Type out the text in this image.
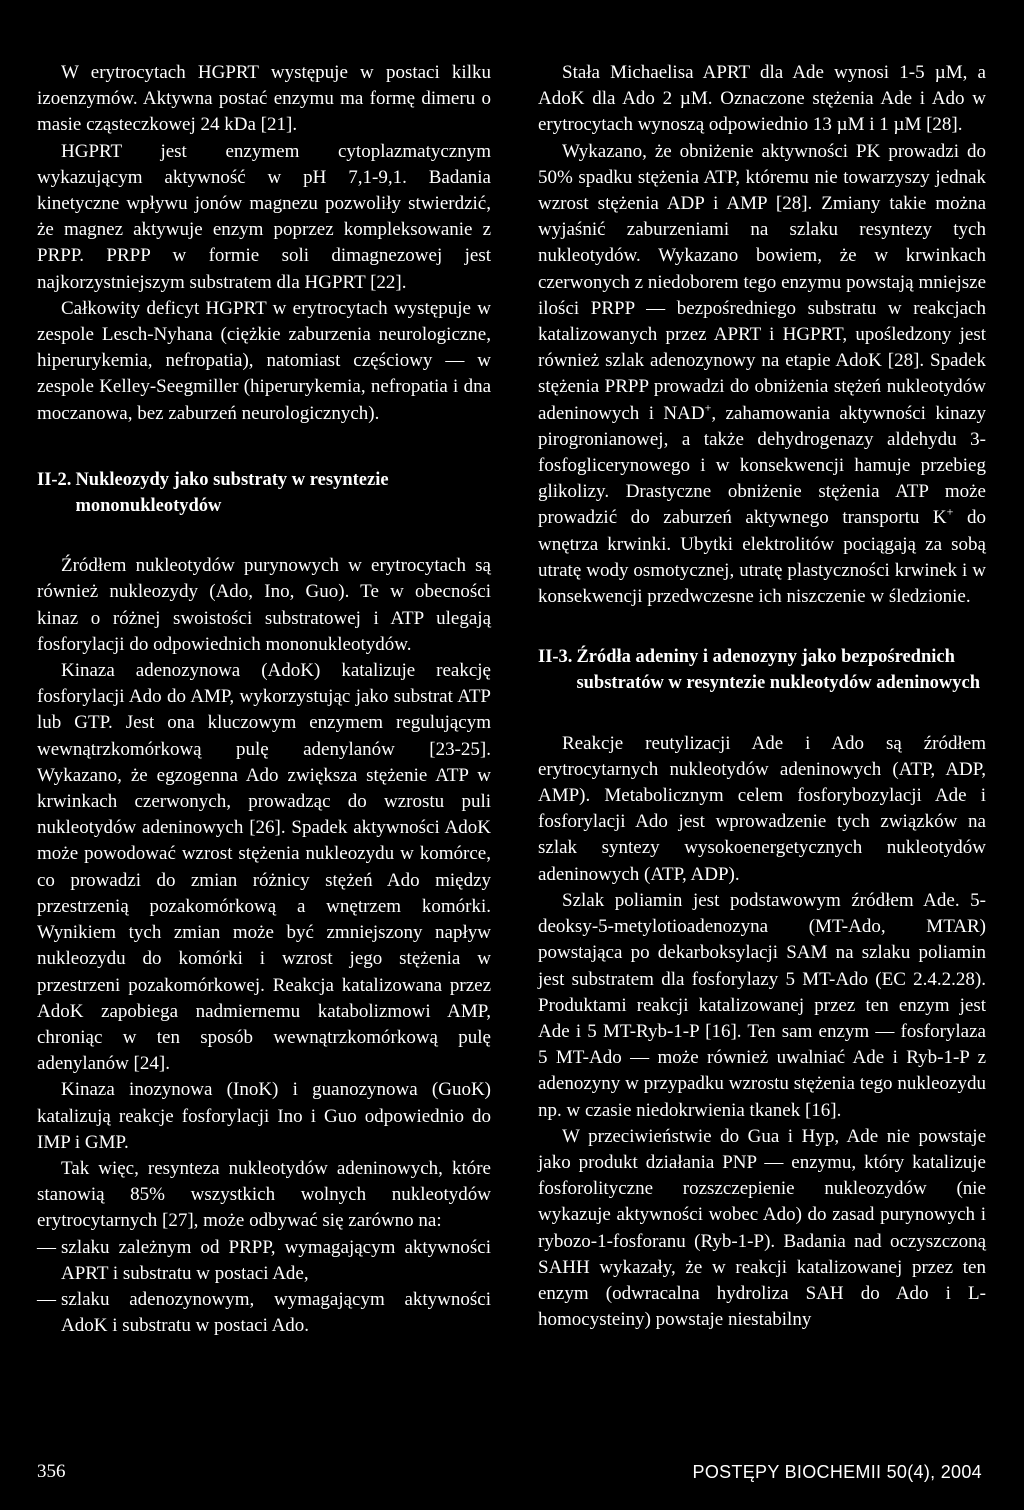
W erytrocytach HGPRT występuje w postaci kilku izoenzymów. Aktywna postać enzymu ma formę dimeru o masie cząsteczkowej 24 kDa [21].

HGPRT jest enzymem cytoplazmatycznym wykazującym aktywność w pH 7,1-9,1. Badania kinetyczne wpływu jonów magnezu pozwoliły stwierdzić, że magnez aktywuje enzym poprzez kompleksowanie z PRPP. PRPP w formie soli dimagnezowej jest najkorzystniejszym substratem dla HGPRT [22].

Całkowity deficyt HGPRT w erytrocytach występuje w zespole Lesch-Nyhana (ciężkie zaburzenia neurologiczne, hiperurykemia, nefropatia), natomiast częściowy — w zespole Kelley-Seegmiller (hiperurykemia, nefropatia i dna moczanowa, bez zaburzeń neurologicznych).

II-2. Nukleozydy jako substraty w resyntezie mononukleotydów

Źródłem nukleotydów purynowych w erytrocytach są również nukleozydy (Ado, Ino, Guo). Te w obecności kinaz o różnej swoistości substratowej i ATP ulegają fosforylacji do odpowiednich mononukleotydów.

Kinaza adenozynowa (AdoK) katalizuje reakcję fosforylacji Ado do AMP, wykorzystując jako substrat ATP lub GTP. Jest ona kluczowym enzymem regulującym wewnątrzkomórkową pulę adenylanów [23-25]. Wykazano, że egzogenna Ado zwiększa stężenie ATP w krwinkach czerwonych, prowadząc do wzrostu puli nukleotydów adeninowych [26]. Spadek aktywności AdoK może powodować wzrost stężenia nukleozydu w komórce, co prowadzi do zmian różnicy stężeń Ado między przestrzenią pozakomórkową a wnętrzem komórki. Wynikiem tych zmian może być zmniejszony napływ nukleozydu do komórki i wzrost jego stężenia w przestrzeni pozakomórkowej. Reakcja katalizowana przez AdoK zapobiega nadmiernemu katabolizmowi AMP, chroniąc w ten sposób wewnątrzkomórkową pulę adenylanów [24].

Kinaza inozynowa (InoK) i guanozynowa (GuoK) katalizują reakcje fosforylacji Ino i Guo odpowiednio do IMP i GMP.

Tak więc, resynteza nukleotydów adeninowych, które stanowią 85% wszystkich wolnych nukleotydów erytrocytarnych [27], może odbywać się zarówno na:

— szlaku zależnym od PRPP, wymagającym aktywności APRT i substratu w postaci Ade,
— szlaku adenozynowym, wymagającym aktywności AdoK i substratu w postaci Ado.

Stała Michaelisa APRT dla Ade wynosi 1-5 µM, a AdoK dla Ado 2 µM. Oznaczone stężenia Ade i Ado w erytrocytach wynoszą odpowiednio 13 µM i 1 µM [28].

Wykazano, że obniżenie aktywności PK prowadzi do 50% spadku stężenia ATP, któremu nie towarzyszy jednak wzrost stężenia ADP i AMP [28]. Zmiany takie można wyjaśnić zaburzeniami na szlaku resyntezy tych nukleotydów. Wykazano bowiem, że w krwinkach czerwonych z niedoborem tego enzymu powstają mniejsze ilości PRPP — bezpośredniego substratu w reakcjach katalizowanych przez APRT i HGPRT, upośledzony jest również szlak adenozynowy na etapie AdoK [28]. Spadek stężenia PRPP prowadzi do obniżenia stężeń nukleotydów adeninowych i NAD+, zahamowania aktywności kinazy pirogronianowej, a także dehydrogenazy aldehydu 3-fosfoglicerynowego i w konsekwencji hamuje przebieg glikolizy. Drastyczne obniżenie stężenia ATP może prowadzić do zaburzeń aktywnego transportu K+ do wnętrza krwinki. Ubytki elektrolitów pociągają za sobą utratę wody osmotycznej, utratę plastyczności krwinek i w konsekwencji przedwczesne ich niszczenie w śledzionie.

II-3. Źródła adeniny i adenozyny jako bezpośrednich substratów w resyntezie nukleotydów adeninowych

Reakcje reutylizacji Ade i Ado są źródłem erytrocytarnych nukleotydów adeninowych (ATP, ADP, AMP). Metabolicznym celem fosforybozylacji Ade i fosforylacji Ado jest wprowadzenie tych związków na szlak syntezy wysokoenergetycznych nukleotydów adeninowych (ATP, ADP).

Szlak poliamin jest podstawowym źródłem Ade. 5-deoksy-5-metylotioadenozyna (MT-Ado, MTAR) powstająca po dekarboksylacji SAM na szlaku poliamin jest substratem dla fosforylazy 5 MT-Ado (EC 2.4.2.28). Produktami reakcji katalizowanej przez ten enzym jest Ade i 5 MT-Ryb-1-P [16]. Ten sam enzym — fosforylaza 5 MT-Ado — może również uwalniać Ade i Ryb-1-P z adenozyny w przypadku wzrostu stężenia tego nukleozydu np. w czasie niedokrwienia tkanek [16].

W przeciwieństwie do Gua i Hyp, Ade nie powstaje jako produkt działania PNP — enzymu, który katalizuje fosforolityczne rozszczepienie nukleozydów (nie wykazuje aktywności wobec Ado) do zasad purynowych i rybozo-1-fosforanu (Ryb-1-P). Badania nad oczyszczoną SAHH wykazały, że w reakcji katalizowanej przez ten enzym (odwracalna hydroliza SAH do Ado i L-homocysteiny) powstaje niestabilny

356	POSTĘPY BIOCHEMII 50(4), 2004
